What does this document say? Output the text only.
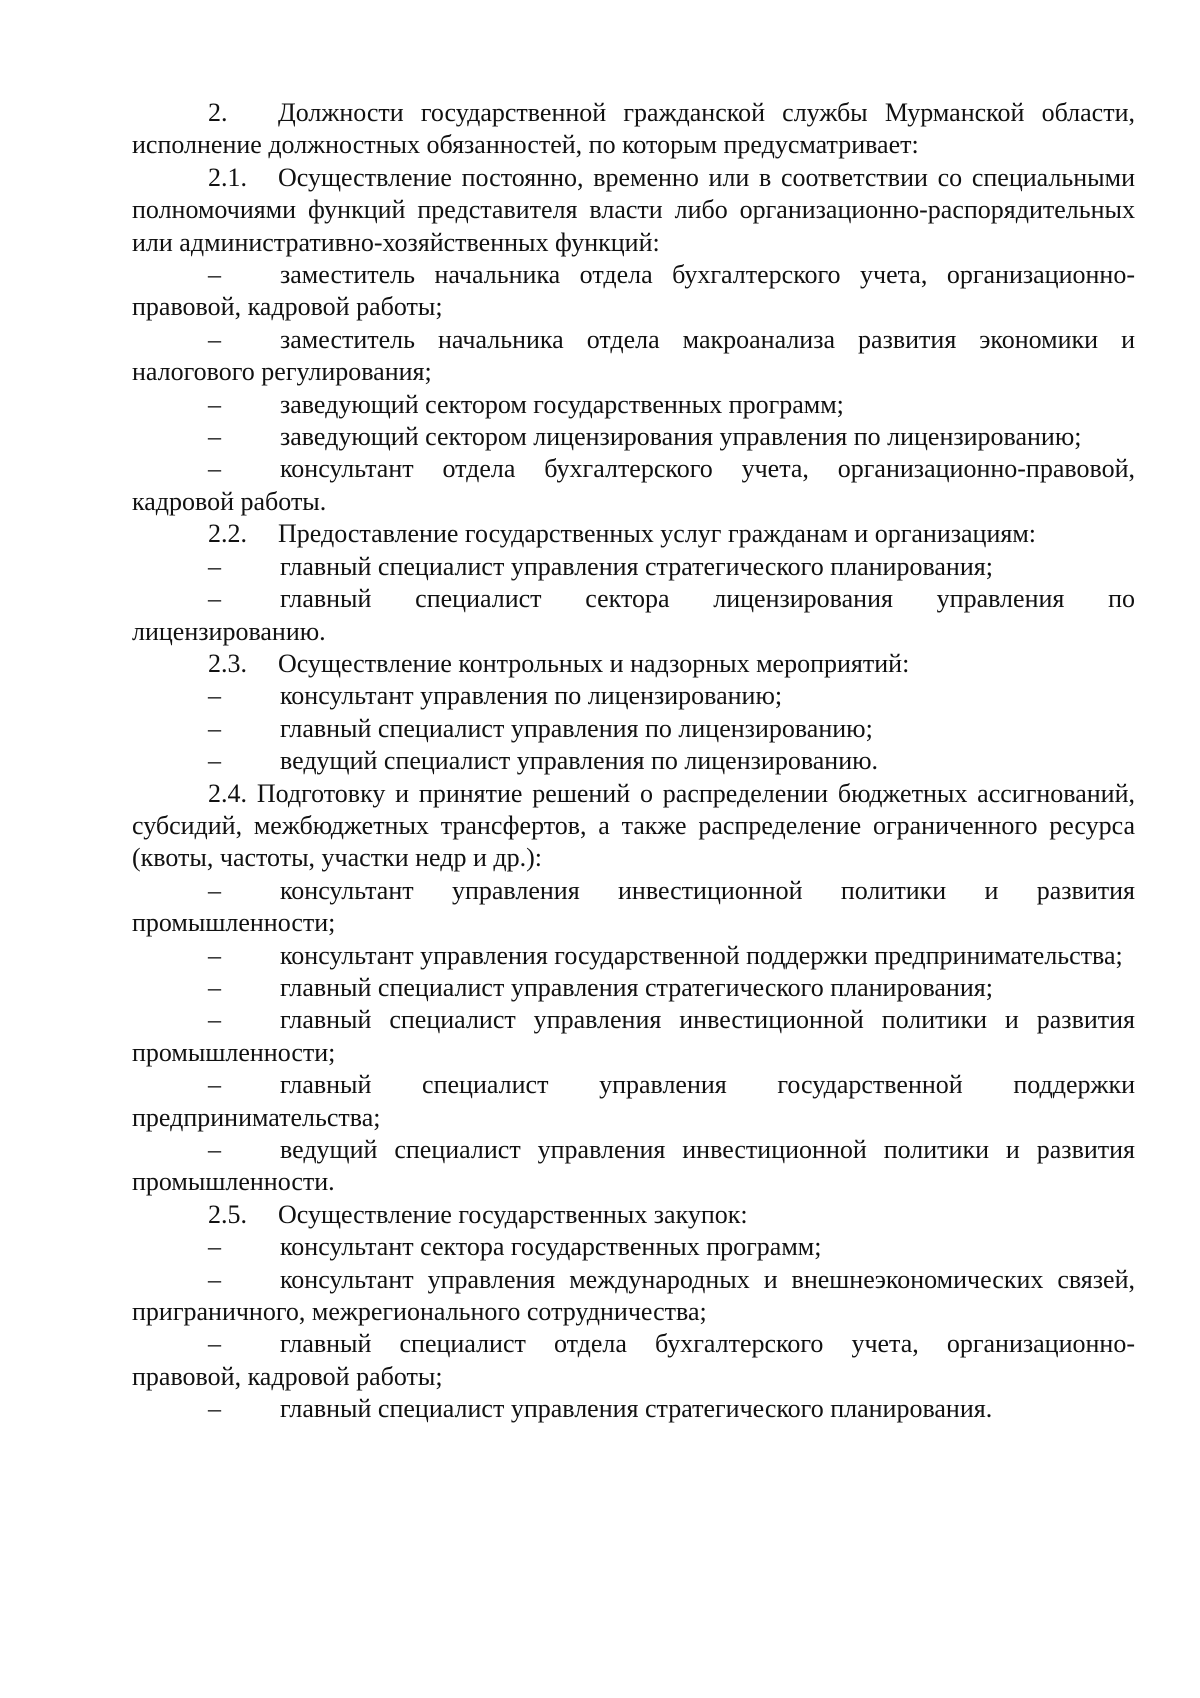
2. Должности государственной гражданской службы Мурманской области, исполнение должностных обязанностей, по которым предусматривает:

2.1. Осуществление постоянно, временно или в соответствии со специальными полномочиями функций представителя власти либо организационно-распорядительных или административно-хозяйственных функций:

– заместитель начальника отдела бухгалтерского учета, организационно-правовой, кадровой работы;

– заместитель начальника отдела макроанализа развития экономики и налогового регулирования;

– заведующий сектором государственных программ;

– заведующий сектором лицензирования управления по лицензированию;

– консультант отдела бухгалтерского учета, организационно-правовой, кадровой работы.

2.2. Предоставление государственных услуг гражданам и организациям:

– главный специалист управления стратегического планирования;

– главный специалист сектора лицензирования управления по лицензированию.

2.3. Осуществление контрольных и надзорных мероприятий:

– консультант управления по лицензированию;

– главный специалист управления по лицензированию;

– ведущий специалист управления по лицензированию.

2.4. Подготовку и принятие решений о распределении бюджетных ассигнований, субсидий, межбюджетных трансфертов, а также распределение ограниченного ресурса (квоты, частоты, участки недр и др.):

– консультант управления инвестиционной политики и развития промышленности;

– консультант управления государственной поддержки предпринимательства;

– главный специалист управления стратегического планирования;

– главный специалист управления инвестиционной политики и развития промышленности;

– главный специалист управления государственной поддержки предпринимательства;

– ведущий специалист управления инвестиционной политики и развития промышленности.

2.5. Осуществление государственных закупок:

– консультант сектора государственных программ;

– консультант управления международных и внешнеэкономических связей, приграничного, межрегионального сотрудничества;

– главный специалист отдела бухгалтерского учета, организационно-правовой, кадровой работы;

– главный специалист управления стратегического планирования.
